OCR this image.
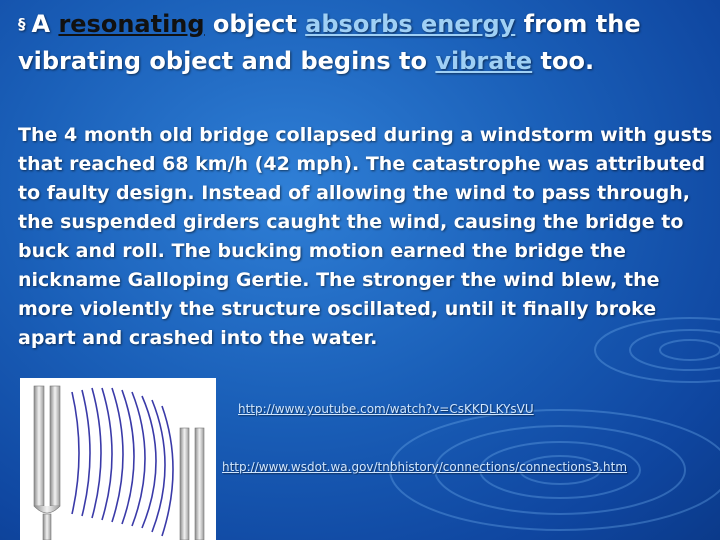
§ A resonating object absorbs energy from the vibrating object and begins to vibrate too.
The 4 month old bridge collapsed during a windstorm with gusts that reached 68 km/h (42 mph). The catastrophe was attributed to faulty design. Instead of allowing the wind to pass through, the suspended girders caught the wind, causing the bridge to buck and roll. The bucking motion earned the bridge the nickname Galloping Gertie. The stronger the wind blew, the more violently the structure oscillated, until it finally broke apart and crashed into the water.
http://www.youtube.com/watch?v=CsKKDLKYsVU
http://www.wsdot.wa.gov/tnbhistory/connections/connections3.htm
